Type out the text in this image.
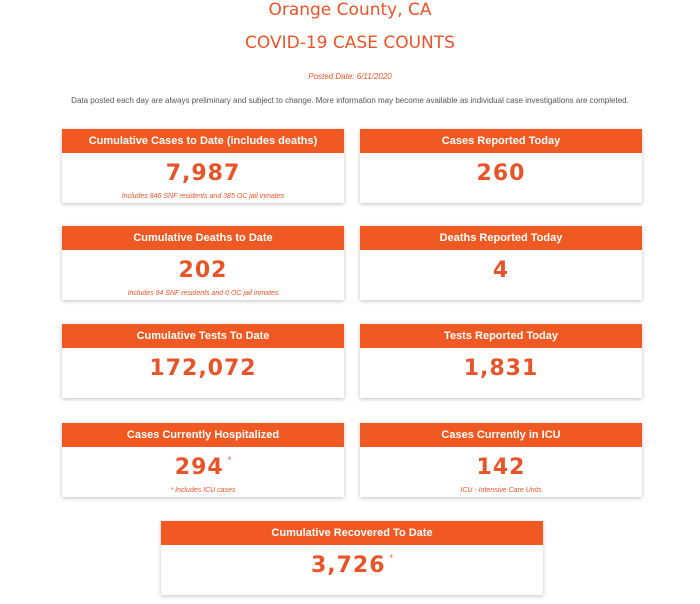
Orange County, CA
COVID-19 CASE COUNTS
Posted Date: 6/11/2020
Data posted each day are always preliminary and subject to change. More information may become available as individual case investigations are completed.
Cumulative Cases to Date (includes deaths)
7,987
Includes 846 SNF residents and 385 OC jail inmates
Cases Reported Today
260
Cumulative Deaths to Date
202
Includes 94 SNF residents and 0 OC jail inmates
Deaths Reported Today
4
Cumulative Tests To Date
172,072
Tests Reported Today
1,831
Cases Currently Hospitalized
294 *
* Includes ICU cases
Cases Currently in ICU
142
ICU - Intensive Care Units
Cumulative Recovered To Date
3,726 *
